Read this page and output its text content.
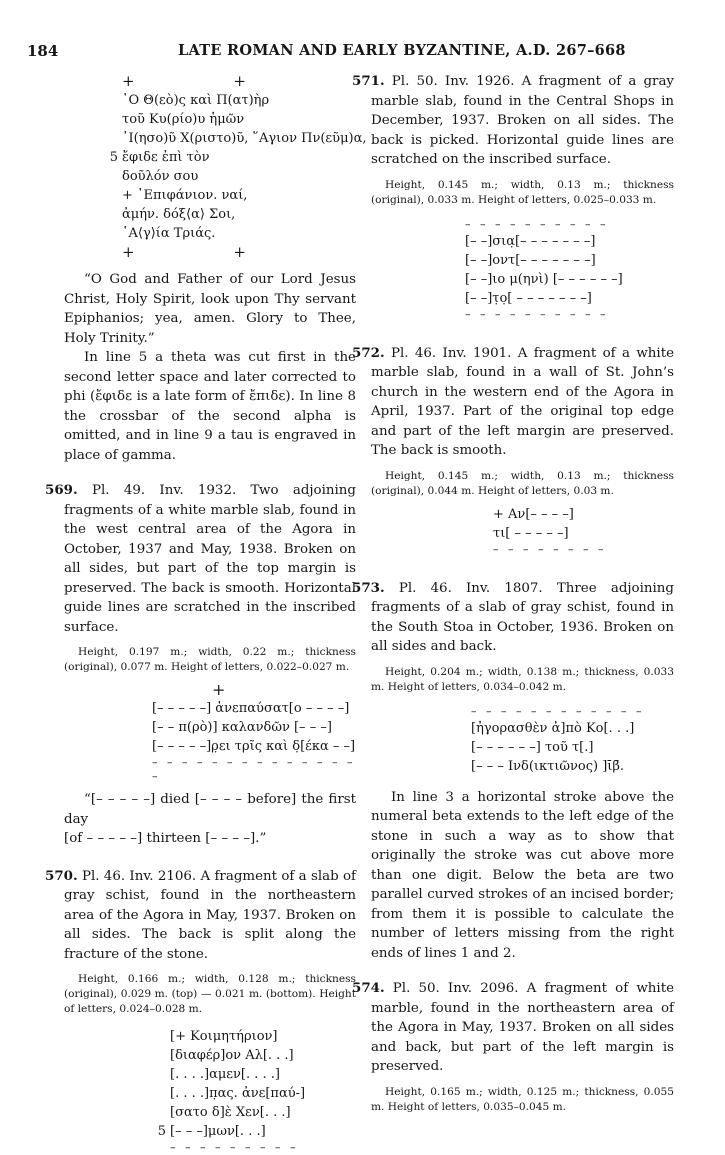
184	LATE ROMAN AND EARLY BYZANTINE, A.D. 267–668
+	+
῾Ο Θ(εὸ)ς καὶ Π(ατ)ὴρ
τοῦ Κυ(ρίο)υ ἡμῶν
᾿Ι(ησο)ῦ Χ(ριστο)ῦ, ῞Αγιον Πν(εῦμ)α,
5 ἔφιδε ἐπὶ τὸν
δοῦλόν σου
+ ᾿Επιφάνιον. ναί,
ἀμήν. δόξ⟨α⟩ Σοι,
῾Α⟨γ⟩ία Τριάς.
+	+

“O God and Father of our Lord Jesus Christ, Holy Spirit, look upon Thy servant Epiphanios; yea, amen. Glory to Thee, Holy Trinity.”

In line 5 a theta was cut first in the second letter space and later corrected to phi (ἔφιδε is a late form of ἔπιδε). In line 8 the crossbar of the second alpha is omitted, and in line 9 a tau is engraved in place of gamma.

569. Pl. 49. Inv. 1932. Two adjoining fragments of a white marble slab, found in the west central area of the Agora in October, 1937 and May, 1938. Broken on all sides, but part of the top margin is preserved. The back is smooth. Horizontal guide lines are scratched in the inscribed surface.

Height, 0.197 m.; width, 0.22 m.; thickness (original), 0.077 m. Height of letters, 0.022–0.027 m.

+
[– – – – –] ἀνεπαύσατ[ο – – – –]
[– – π(ρὸ)] καλανδῶν [– – –]
[– – – – –]ρ̣ει τρῖς καὶ δ̣[έκα – –]
– – – – – – – – – – – – – – –

“[– – – – –] died [– – – – before] the first day

[of – – – – –] thirteen [– – – –].”

570. Pl. 46. Inv. 2106. A fragment of a slab of gray schist, found in the northeastern area of the Agora in May, 1937. Broken on all sides. The back is split along the fracture of the stone.

Height, 0.166 m.; width, 0.128 m.; thickness (original), 0.029 m. (top) — 0.021 m. (bottom). Height of letters, 0.024–0.028 m.

[+ Κοιμητήριον]
[διαφέρ]ον Αλ[. . .]
[. . . .]αμεν[. . . .]
[. . . .]π̣ας. ἀνε[παύ-]
[σατο δ]ὲ Χεν[. . .]
5 [– – –]μων[. . .]
– – – – – – – – –

571. Pl. 50. Inv. 1926. A fragment of a gray marble slab, found in the Central Shops in December, 1937. Broken on all sides. The back is picked. Horizontal guide lines are scratched on the inscribed surface.

Height, 0.145 m.; width, 0.13 m.; thickness (original), 0.033 m. Height of letters, 0.025–0.033 m.

– – – – – – – – – –
[– –]σια̣[– – – – – – –]
[– –]οντ[– – – – – – –]
[– –]ιο μ(ηνὶ) [– – – – – –]
[– –]τ̣ο̣[ – – – – – – –]
– – – – – – – – – –

572. Pl. 46. Inv. 1901. A fragment of a white marble slab, found in a wall of St. John’s church in the western end of the Agora in April, 1937. Part of the original top edge and part of the left margin are preserved. The back is smooth.

Height, 0.145 m.; width, 0.13 m.; thickness (original), 0.044 m. Height of letters, 0.03 m.

+ Αν[– – – –]
τι[ – – – – –]
– – – – – – – –

573. Pl. 46. Inv. 1807. Three adjoining fragments of a slab of gray schist, found in the South Stoa in October, 1936. Broken on all sides and back.

Height, 0.204 m.; width, 0.138 m.; thickness, 0.033 m. Height of letters, 0.034–0.042 m.

– – – – – – – – – – – –
[ἠγορασθὲν ἀ]πὸ Κο[. . .]
[– – – – – –] τοῦ τ[.]
[– – – Ινδ(ικτιῶνος) ]ῑβ̄.

In line 3 a horizontal stroke above the numeral beta extends to the left edge of the stone in such a way as to show that originally the stroke was cut above more than one digit. Below the beta are two parallel curved strokes of an incised border; from them it is possible to calculate the number of letters missing from the right ends of lines 1 and 2.

574. Pl. 50. Inv. 2096. A fragment of white marble, found in the northeastern area of the Agora in May, 1937. Broken on all sides and back, but part of the left margin is preserved.

Height, 0.165 m.; width, 0.125 m.; thickness, 0.055 m. Height of letters, 0.035–0.045 m.
